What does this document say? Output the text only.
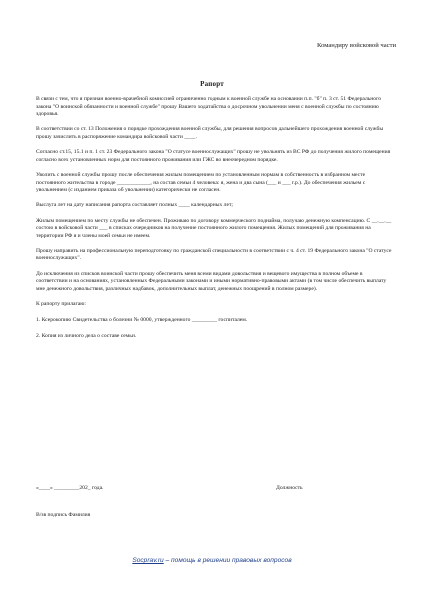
Командиру войсковой части
Рапорт

В связи с тем, что я признан военно-врачебной комиссией ограниченно годным к военной службе на основании п.п. "б" п. 3 ст. 51 Федерального закона "О воинской обязанности и военной службе" прошу Вашего ходатайства о досрочном увольнении меня с военной службы по состоянию здоровья.

В соответствии со ст. 13 Положения о порядке прохождения военной службы, для решения вопросов дальнейшего прохождения военной службы прошу зачислить в распоряжение командира войсковой части ____.

Согласно ст.15, 15.1 и п. 1 ст. 23 Федерального закона "О статусе военнослужащих" прошу не увольнять из ВС РФ до получения жилого помещения согласно всех установленных норм для постоянного проживания или ГЖС во внеочередном порядке.

Уволить с военной службы прошу после обеспечения жилым помещением по установленным нормам в собственность в избранном месте постоянного жительства в городе ____________, на состав семьи 4 человека: я, жена и два сына (___ и ___ г.р.). До обеспечения жильем с увольнением (с изданием приказа об увольнении) категорически не согласен.

Выслуга лет на дату написания рапорта составляет полных ____ календарных лет;

Жилым помещением по месту службы не обеспечен. Проживаю по договору коммерческого поднайма, получаю денежную компенсацию. С __.__.__ состою в войсковой части ___ в списках очередников на получение постоянного жилого помещения. Жилых помещений для проживания на территории РФ я и члены моей семьи не имеем.

Прошу направить на профессиональную переподготовку по гражданской специальности в соответствии с ч. 4 ст. 19 Федерального закона "О статусе военнослужащих".

До исключения из списков воинской части прошу обеспечить меня всеми видами довольствия и вещевого имущества в полном объеме в соответствии и на основаниях, установленных Федеральными законами и иными нормативно-правовыми актами (в том числе обеспечить выплату мне денежного довольствия, различных надбавок, дополнительных выплат, денежных поощрений в полном размере).

К рапорту прилагаю:

1. Ксерокопию Свидетельства о болезни № 0000, утвержденного _________ госпиталем.

2. Копия из личного дела о составе семьи.

«____» _________202_ года.	Должность
В/зв подпись Фамилия
Socprav.ru – помощь в решении правовых вопросов
